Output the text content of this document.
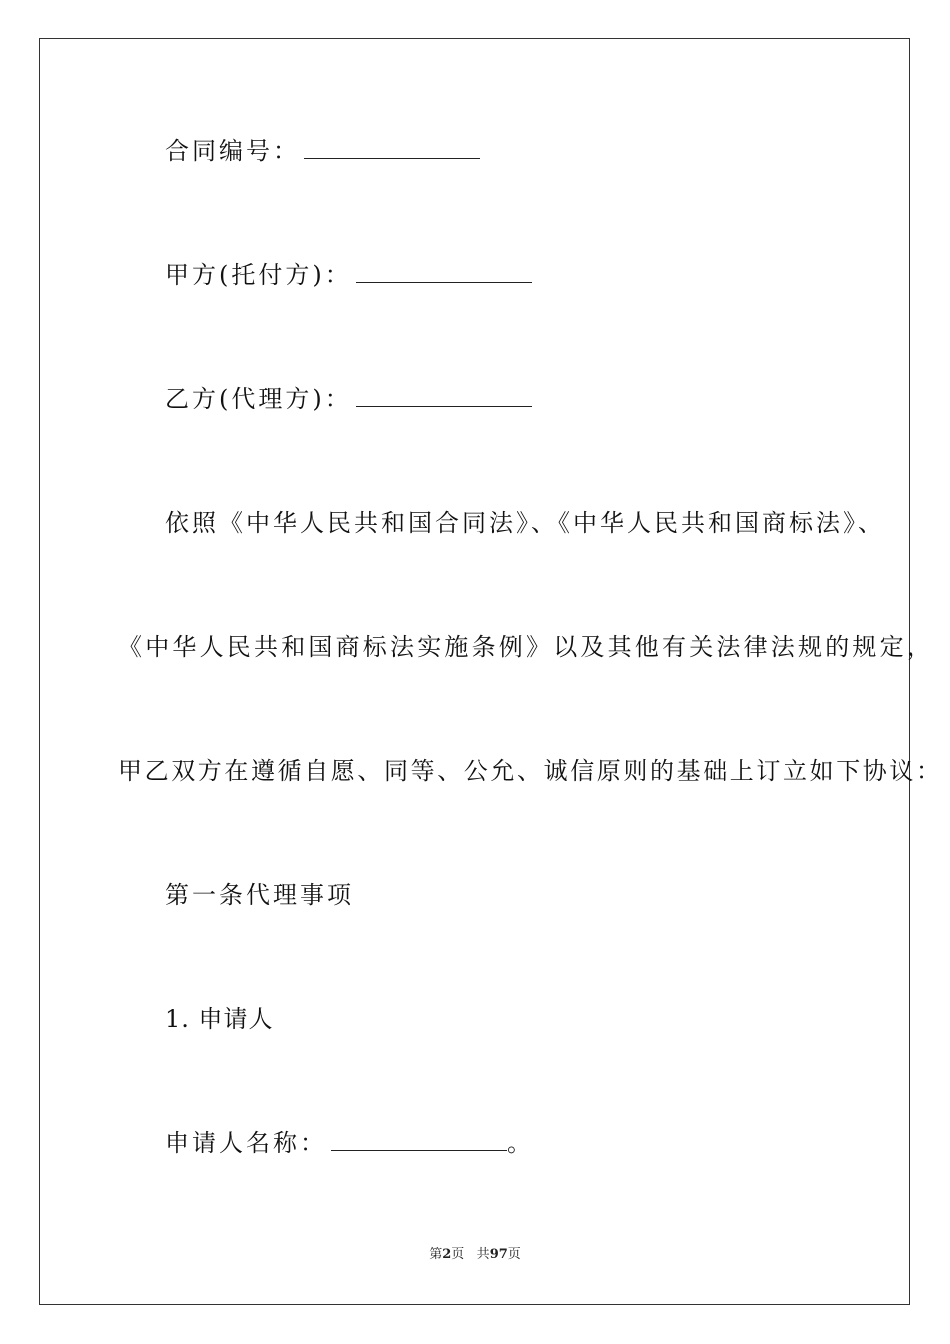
合同编号：
甲方(托付方)：
乙方(代理方)：
依照《中华人民共和国合同法》、《中华人民共和国商标法》、
《中华人民共和国商标法实施条例》以及其他有关法律法规的规定，
甲乙双方在遵循自愿、同等、公允、诚信原则的基础上订立如下协议：
第一条代理事项
1. 申请人
申请人名称：	。
第2页 共97页
